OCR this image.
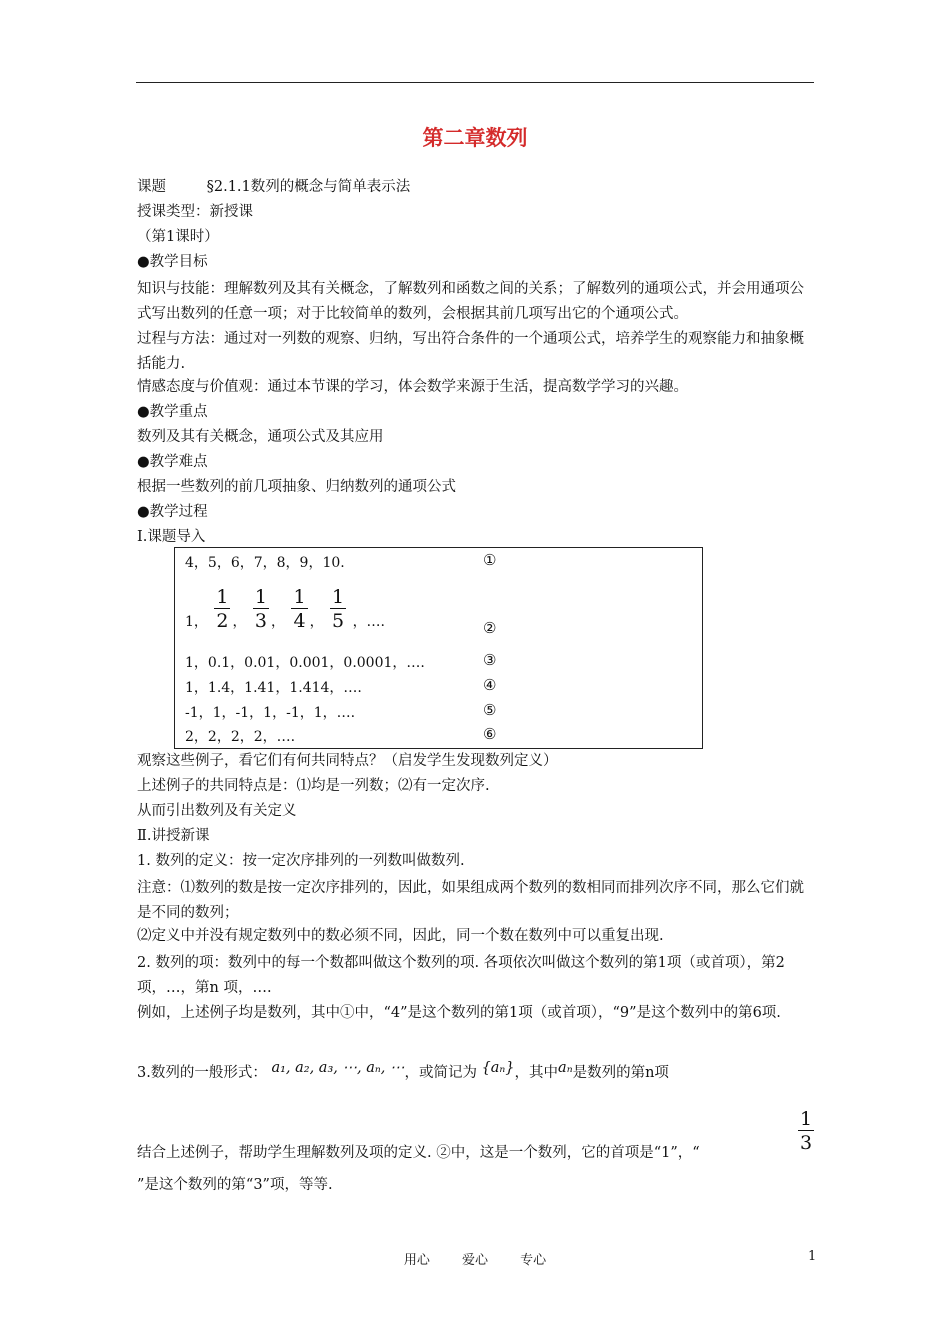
第二章数列
课题	§2.1.1数列的概念与简单表示法
授课类型：新授课
（第1课时）
●教学目标
知识与技能：理解数列及其有关概念，了解数列和函数之间的关系；了解数列的通项公式，并会用通项公式写出数列的任意一项；对于比较简单的数列，会根据其前几项写出它的个通项公式。
过程与方法：通过对一列数的观察、归纳，写出符合条件的一个通项公式，培养学生的观察能力和抽象概括能力.
情感态度与价值观：通过本节课的学习，体会数学来源于生活，提高数学学习的兴趣。
●教学重点
数列及其有关概念，通项公式及其应用
●教学难点
根据一些数列的前几项抽象、归纳数列的通项公式
●教学过程
Ⅰ.课题导入
4，5，6，7，8，9，10.	①
1， $\frac{1}{2}$ ， $\frac{1}{3}$ ， $\frac{1}{4}$ ， $\frac{1}{5}$ ，….	②
1，0.1，0.01，0.001，0.0001，….	③
1，1.4，1.41，1.414，….	④
-1，1，-1，1，-1，1，….	⑤
2，2，2，2，….	⑥
观察这些例子，看它们有何共同特点？（启发学生发现数列定义）
上述例子的共同特点是：⑴均是一列数；⑵有一定次序.
从而引出数列及有关定义
Ⅱ.讲授新课
1. 数列的定义：按一定次序排列的一列数叫做数列.
注意：⑴数列的数是按一定次序排列的，因此，如果组成两个数列的数相同而排列次序不同，那么它们就是不同的数列；
⑵定义中并没有规定数列中的数必须不同，因此，同一个数在数列中可以重复出现.
2. 数列的项：数列中的每一个数都叫做这个数列的项. 各项依次叫做这个数列的第1项（或首项），第2项，…，第n 项，….
例如，上述例子均是数列，其中①中，“4”是这个数列的第1项（或首项），“9”是这个数列中的第6项.
3.数列的一般形式： a₁, a₂, a₃, ⋯, aₙ, ⋯，或简记为 {aₙ}，其中aₙ是数列的第n项
$\frac{1}{3}$
结合上述例子，帮助学生理解数列及项的定义. ②中，这是一个数列，它的首项是“1”，“
”是这个数列的第“3”项，等等.
用心 爱心 专心	1
